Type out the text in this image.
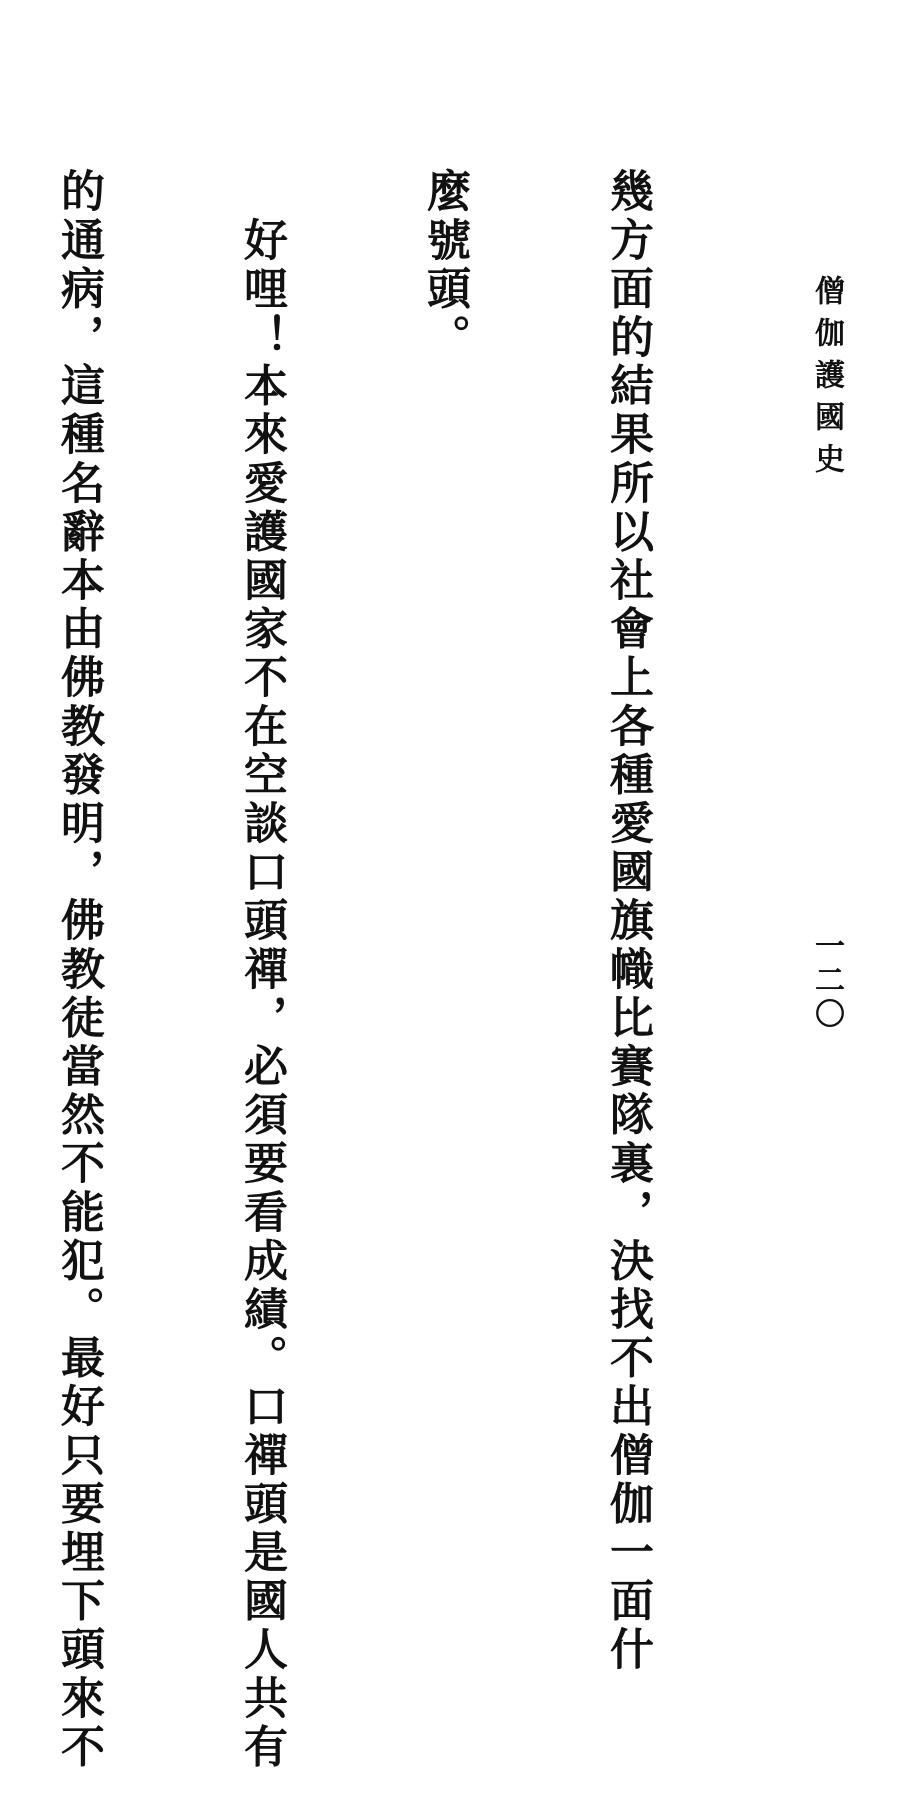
僧伽護國史
一二〇

幾方面的結果所以社會上各種愛國旗幟比賽隊裏，決找不出僧伽一面什

麼號頭。

　好哩！本來愛護國家不在空談口頭禪，必須要看成績。口禪頭是國人共有

的通病，這種名辭本由佛教發明，佛教徒當然不能犯。最好只要埋下頭來不
